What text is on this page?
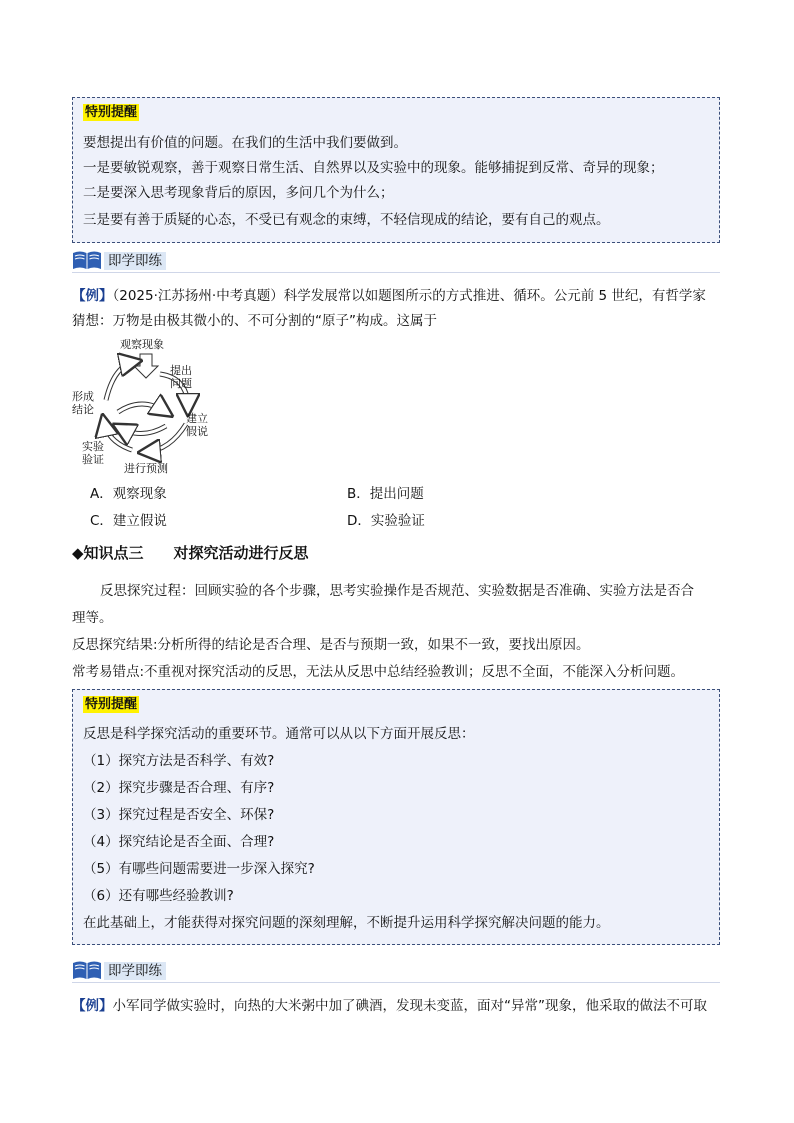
特别提醒
要想提出有价值的问题。在我们的生活中我们要做到。
一是要敏锐观察，善于观察日常生活、自然界以及实验中的现象。能够捕捉到反常、奇异的现象；
二是要深入思考现象背后的原因，多问几个为什么；
三是要有善于质疑的心态，不受已有观念的束缚，不轻信现成的结论，要有自己的观点。
即学即练
【例】（2025·江苏扬州·中考真题）科学发展常以如题图所示的方式推进、循环。公元前 5 世纪，有哲学家
猜想：万物是由极其微小的、不可分割的“原子”构成。这属于
观察现象
提出
问题
建立
假说
进行预测
实验
验证
形成
结论
A．观察现象	B．提出问题
C．建立假说	D．实验验证
◆知识点三　　对探究活动进行反思
反思探究过程：回顾实验的各个步骤，思考实验操作是否规范、实验数据是否准确、实验方法是否合
理等。
反思探究结果:分析所得的结论是否合理、是否与预期一致，如果不一致，要找出原因。
常考易错点:不重视对探究活动的反思，无法从反思中总结经验教训；反思不全面，不能深入分析问题。
特别提醒
反思是科学探究活动的重要环节。通常可以从以下方面开展反思：
（1）探究方法是否科学、有效?
（2）探究步骤是否合理、有序?
（3）探究过程是否安全、环保?
（4）探究结论是否全面、合理?
（5）有哪些问题需要进一步深入探究?
（6）还有哪些经验教训?
在此基础上，才能获得对探究问题的深刻理解，不断提升运用科学探究解决问题的能力。
即学即练
【例】小军同学做实验时，向热的大米粥中加了碘酒，发现未变蓝，面对“异常”现象，他采取的做法不可取
